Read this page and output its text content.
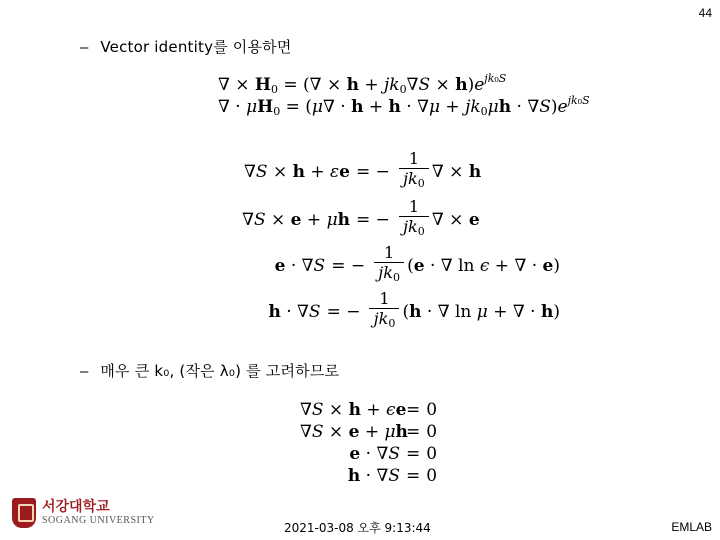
44
– Vector identity를 이용하면
∇ × $H_0$ = (∇ × $h + jk_0\nabla S \times h)e^{jk_0S}$
∇ · $\mu H_0 = (\mu\nabla \cdot h + h \cdot \nabla\mu + jk_0\mu h \cdot \nabla S)e^{jk_0S}$
∇S × h + εe = − $\frac{1}{jk_0}$ ∇ × h
∇S × e + μh = − $\frac{1}{jk_0}$ ∇ × e
e · ∇S = − $\frac{1}{jk_0} (e$ · ∇ ln ϵ + ∇ · e)
h · ∇S = − $\frac{1}{jk_0} (h$ · ∇ ln μ + ∇ · h)
– 매우 큰 k₀, (작은 λ₀) 를 고려하므로
∇S × h + ϵe = 0
∇S × e + μh
= 0
e · ∇S = 0
h · ∇S = 0
서강대학교
SOGANG UNIVERSITY
2021-03-08 오후 9:13:44	EMLAB
